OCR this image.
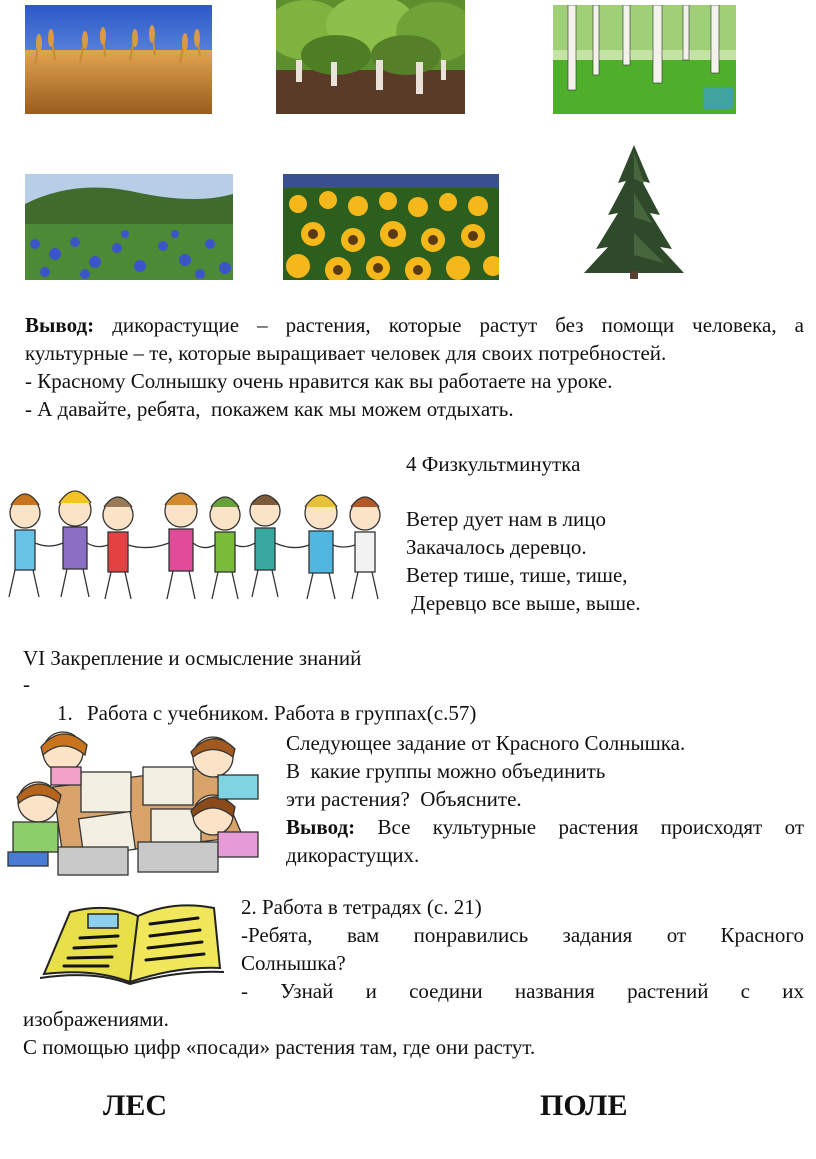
Вывод: дикорастущие – растения, которые растут без помощи человека, а
культурные – те, которые выращивает человек для своих потребностей.
- Красному Солнышку очень нравится как вы работаете на уроке.
- А давайте, ребята,  покажем как мы можем отдыхать.
4 Физкультминутка
Ветер дует нам в лицо
Закачалось деревцо.
Ветер тише, тише, тише,
Деревцо все выше, выше.
VI Закрепление и осмысление знаний
-
1. Работа с учебником. Работа в группах(с.57)
Следующее задание от Красного Солнышка.
В  какие группы можно объединить
эти растения?  Объясните.
Вывод: Все культурные растения происходят от
дикорастущих.
2. Работа в тетрадях (с. 21)
-Ребята, вам понравились задания от Красного
Солнышка?
- Узнай и соедини названия растений с их
изображениями.
С помощью цифр «посади» растения там, где они растут.
ЛЕС	ПОЛЕ
